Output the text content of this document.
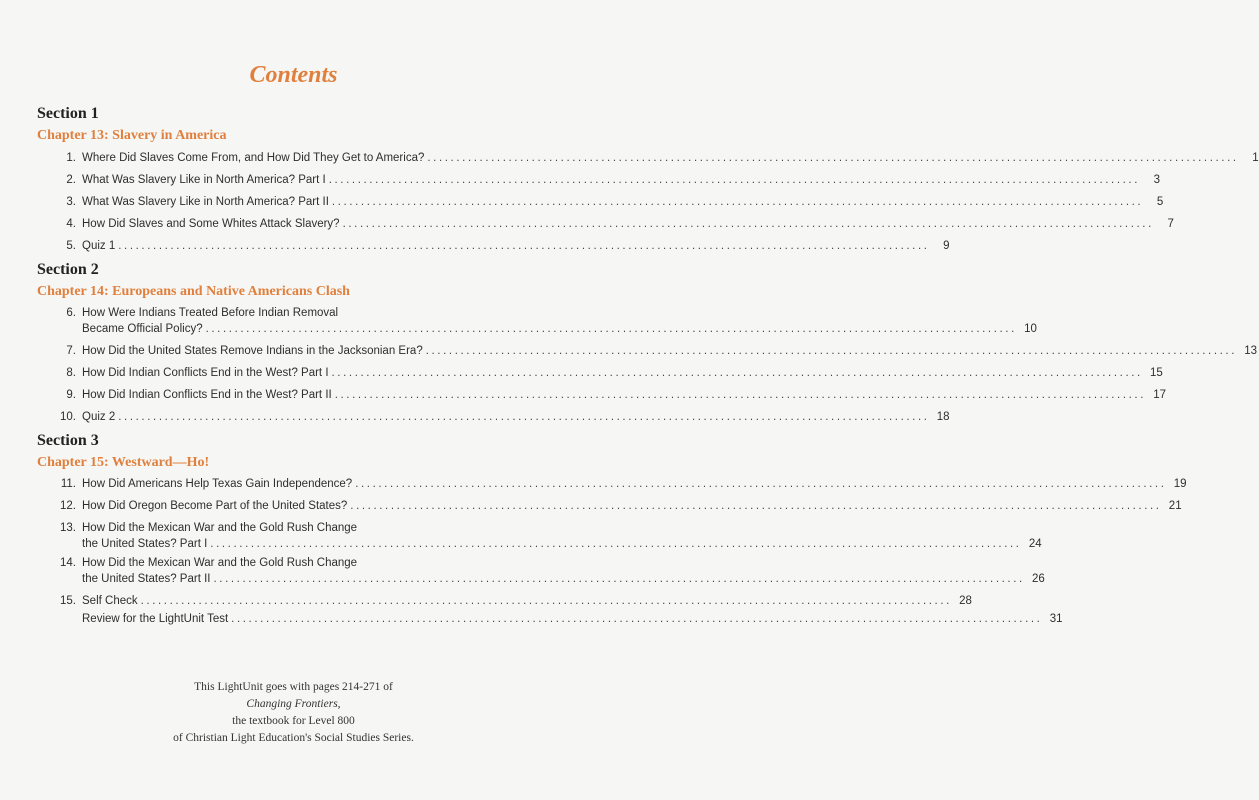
Contents
Section 1
Chapter 13: Slavery in America
1. Where Did Slaves Come From, and How Did They Get to America? ............................................................................................................................................	1
2. What Was Slavery Like in North America? Part I ............................................................................................................................................	3
3. What Was Slavery Like in North America? Part II ............................................................................................................................................	5
4. How Did Slaves and Some Whites Attack Slavery? ............................................................................................................................................	7
5. Quiz 1 ............................................................................................................................................	9
Section 2
Chapter 14: Europeans and Native Americans Clash
6. How Were Indians Treated Before Indian Removal
Became Official Policy? ............................................................................................................................................ 10
7. How Did the United States Remove Indians in the Jacksonian Era? ............................................................................................................................................ 13
8. How Did Indian Conflicts End in the West? Part I ............................................................................................................................................ 15
9. How Did Indian Conflicts End in the West? Part II ............................................................................................................................................ 17
10. Quiz 2 ............................................................................................................................................ 18
Section 3
Chapter 15: Westward—Ho!
11. How Did Americans Help Texas Gain Independence? ............................................................................................................................................ 19
12. How Did Oregon Become Part of the United States? ............................................................................................................................................ 21
13. How Did the Mexican War and the Gold Rush Change
the United States? Part I ............................................................................................................................................ 24
14. How Did the Mexican War and the Gold Rush Change
the United States? Part II ............................................................................................................................................ 26
15. Self Check ............................................................................................................................................ 28
Review for the LightUnit Test ............................................................................................................................................ 31
This LightUnit goes with pages 214-271 of
Changing Frontiers,
the textbook for Level 800
of Christian Light Education's Social Studies Series.
